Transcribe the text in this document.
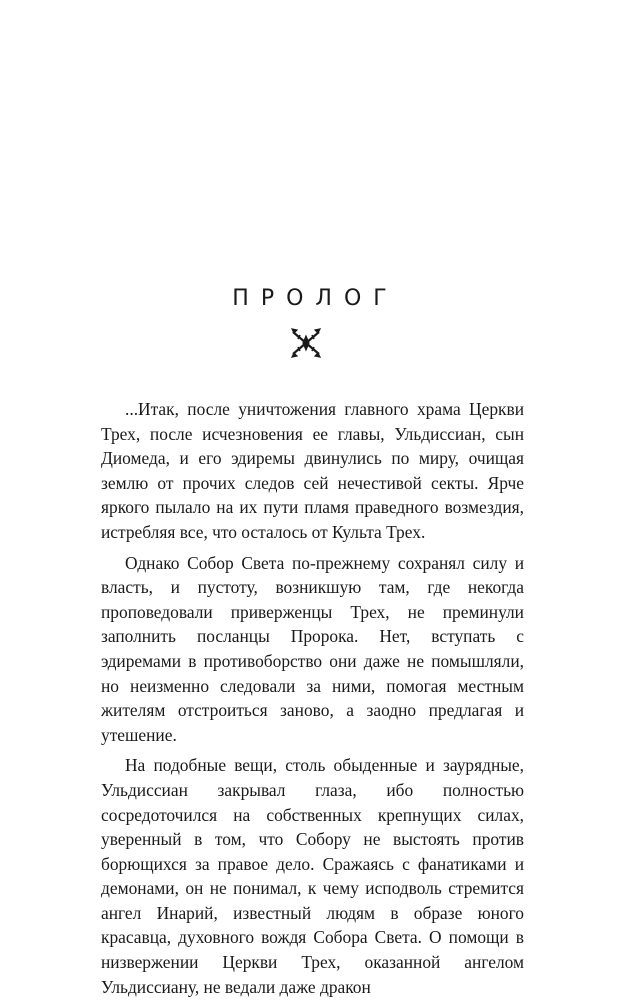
ПРОЛОГ

...Итак, после уничтожения главного храма Церкви Трех, после исчезновения ее главы, Ульдиссиан, сын Диомеда, и его эдиремы двинулись по миру, очищая землю от прочих следов сей нечестивой секты. Ярче яркого пылало на их пути пламя праведного возмездия, истребляя все, что осталось от Культа Трех.

Однако Собор Света по-прежнему сохранял силу и власть, и пустоту, возникшую там, где некогда проповедовали приверженцы Трех, не преминули заполнить посланцы Пророка. Нет, вступать с эдиремами в противоборство они даже не помышляли, но неизменно следовали за ними, помогая местным жителям отстроиться заново, а заодно предлагая и утешение.

На подобные вещи, столь обыденные и заурядные, Ульдиссиан закрывал глаза, ибо полностью сосредоточился на собственных крепнущих силах, уверенный в том, что Собору не выстоять против борющихся за правое дело. Сражаясь с фанатиками и демонами, он не понимал, к чему исподволь стремится ангел Инарий, известный людям в образе юного красавца, духовного вождя Собора Света. О помощи в низвержении Церкви Трех, оказанной ангелом Ульдиссиану, не ведали даже дракон
